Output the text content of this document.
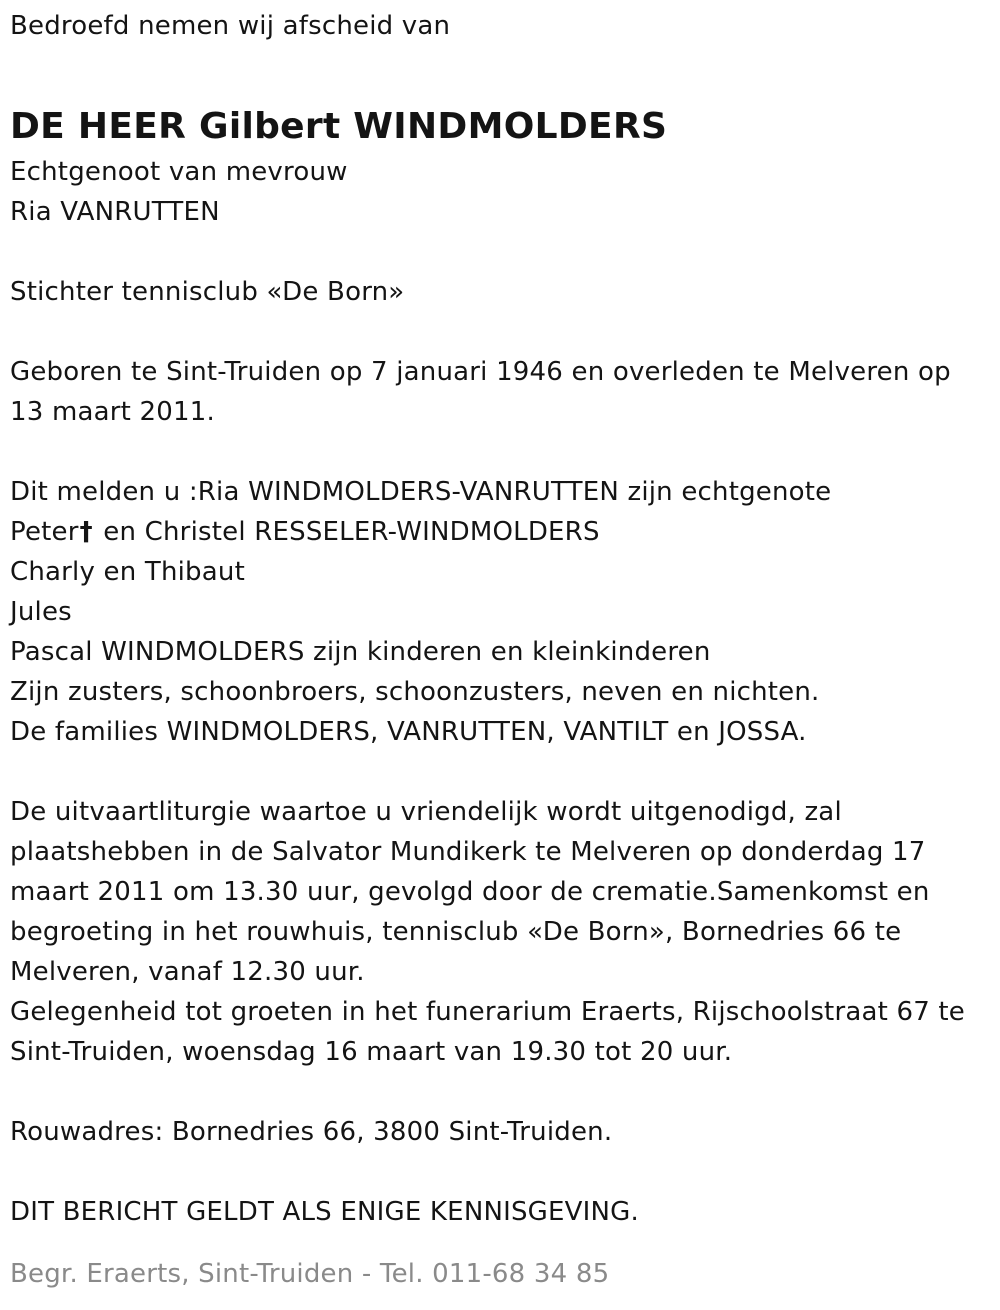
Bedroefd nemen wij afscheid van
DE HEER Gilbert WINDMOLDERS
Echtgenoot van mevrouw
Ria VANRUTTEN
Stichter tennisclub «De Born»
Geboren te Sint-Truiden op 7 januari 1946 en overleden te Melveren op 13 maart 2011.
Dit melden u :Ria WINDMOLDERS-VANRUTTEN zijn echtgenote
Peter† en Christel RESSELER-WINDMOLDERS
Charly en Thibaut
Jules
Pascal WINDMOLDERS zijn kinderen en kleinkinderen
Zijn zusters, schoonbroers, schoonzusters, neven en nichten.
De families WINDMOLDERS, VANRUTTEN, VANTILT en JOSSA.
De uitvaartliturgie waartoe u vriendelijk wordt uitgenodigd, zal plaatshebben in de Salvator Mundikerk te Melveren op donderdag 17 maart 2011 om 13.30 uur, gevolgd door de crematie.Samenkomst en begroeting in het rouwhuis, tennisclub «De Born», Bornedries 66 te Melveren, vanaf 12.30 uur.
Gelegenheid tot groeten in het funerarium Eraerts, Rijschoolstraat 67 te Sint-Truiden, woensdag 16 maart van 19.30 tot 20 uur.
Rouwadres: Bornedries 66, 3800 Sint-Truiden.
DIT BERICHT GELDT ALS ENIGE KENNISGEVING.
Begr. Eraerts, Sint-Truiden - Tel. 011-68 34 85
